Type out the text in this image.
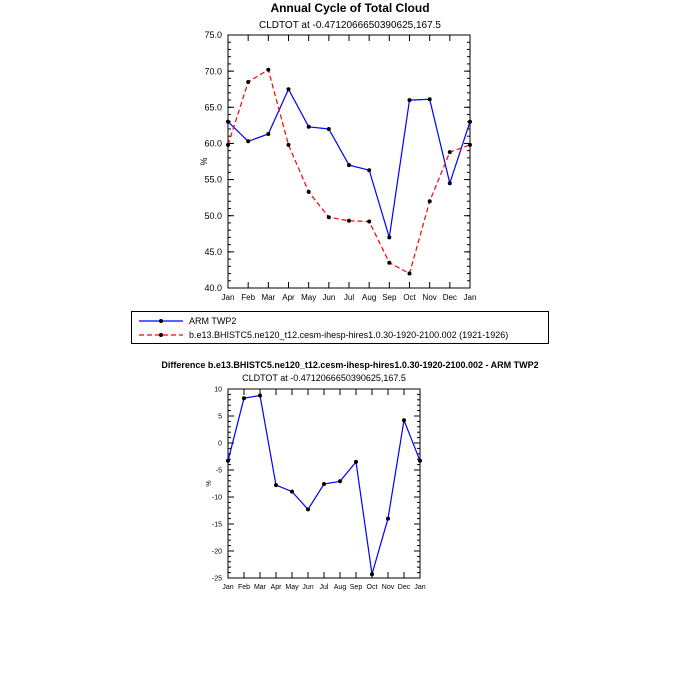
Annual Cycle of Total Cloud
CLDTOT at -0.4712066650390625,167.5
40.0
45.0
50.0
55.0
60.0
65.0
70.0
75.0
Jan Feb Mar Apr May Jun Jul Aug Sep Oct Nov Dec Jan
%
-25
-20
-15
-10
-5
0
5
10
Jan Feb Mar Apr May Jun Jul Aug Sep Oct Nov Dec Jan
%
ARM TWP2
b.e13.BHISTC5.ne120_t12.cesm-ihesp-hires1.0.30-1920-2100.002 (1921-1926)
Difference b.e13.BHISTC5.ne120_t12.cesm-ihesp-hires1.0.30-1920-2100.002 - ARM TWP2
CLDTOT at -0.4712066650390625,167.5
